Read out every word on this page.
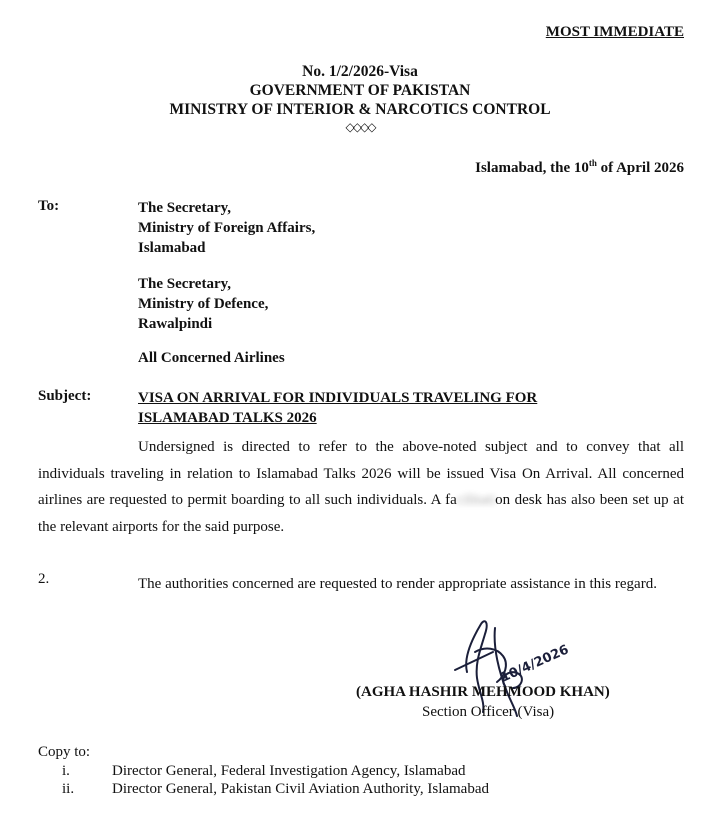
MOST IMMEDIATE
No. 1/2/2026-Visa
GOVERNMENT OF PAKISTAN
MINISTRY OF INTERIOR & NARCOTICS CONTROL
◇◇◇◇
Islamabad, the 10th of April 2026
To:	The Secretary,
Ministry of Foreign Affairs,
Islamabad
The Secretary,
Ministry of Defence,
Rawalpindi
All Concerned Airlines
Subject:	VISA ON ARRIVAL FOR INDIVIDUALS TRAVELING FOR ISLAMABAD TALKS 2026
Undersigned is directed to refer to the above-noted subject and to convey that all individuals traveling in relation to Islamabad Talks 2026 will be issued Visa On Arrival. All concerned airlines are requested to permit boarding to all such individuals. A facilitation desk has also been set up at the relevant airports for the said purpose.
2.	The authorities concerned are requested to render appropriate assistance in this regard.
10/4/2026
(AGHA HASHIR MEHMOOD KHAN)
Section Officer (Visa)
Copy to:
i.	Director General, Federal Investigation Agency, Islamabad
ii.	Director General, Pakistan Civil Aviation Authority, Islamabad
